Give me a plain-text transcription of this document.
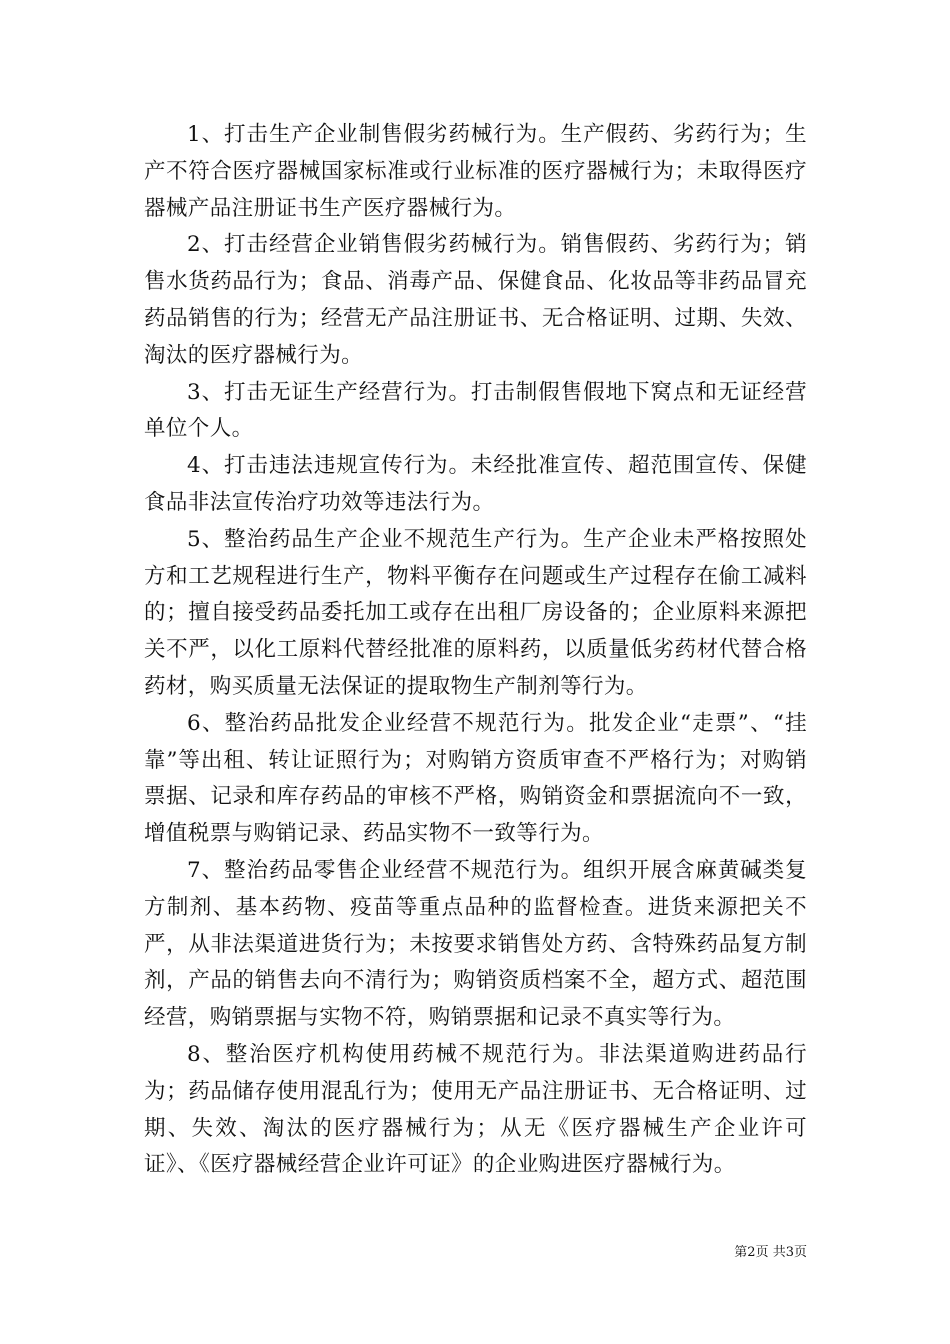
1、打击生产企业制售假劣药械行为。生产假药、劣药行为；生产不符合医疗器械国家标准或行业标准的医疗器械行为；未取得医疗器械产品注册证书生产医疗器械行为。

2、打击经营企业销售假劣药械行为。销售假药、劣药行为；销售水货药品行为；食品、消毒产品、保健食品、化妆品等非药品冒充药品销售的行为；经营无产品注册证书、无合格证明、过期、失效、淘汰的医疗器械行为。

3、打击无证生产经营行为。打击制假售假地下窝点和无证经营单位个人。

4、打击违法违规宣传行为。未经批准宣传、超范围宣传、保健食品非法宣传治疗功效等违法行为。

5、整治药品生产企业不规范生产行为。生产企业未严格按照处方和工艺规程进行生产，物料平衡存在问题或生产过程存在偷工减料的；擅自接受药品委托加工或存在出租厂房设备的；企业原料来源把关不严，以化工原料代替经批准的原料药，以质量低劣药材代替合格药材，购买质量无法保证的提取物生产制剂等行为。

6、整治药品批发企业经营不规范行为。批发企业“走票”、“挂靠”等出租、转让证照行为；对购销方资质审查不严格行为；对购销票据、记录和库存药品的审核不严格，购销资金和票据流向不一致，增值税票与购销记录、药品实物不一致等行为。

7、整治药品零售企业经营不规范行为。组织开展含麻黄碱类复方制剂、基本药物、疫苗等重点品种的监督检查。进货来源把关不严，从非法渠道进货行为；未按要求销售处方药、含特殊药品复方制剂，产品的销售去向不清行为；购销资质档案不全，超方式、超范围经营，购销票据与实物不符，购销票据和记录不真实等行为。

8、整治医疗机构使用药械不规范行为。非法渠道购进药品行为；药品储存使用混乱行为；使用无产品注册证书、无合格证明、过期、失效、淘汰的医疗器械行为；从无《医疗器械生产企业许可证》、《医疗器械经营企业许可证》的企业购进医疗器械行为。

第2页 共3页
